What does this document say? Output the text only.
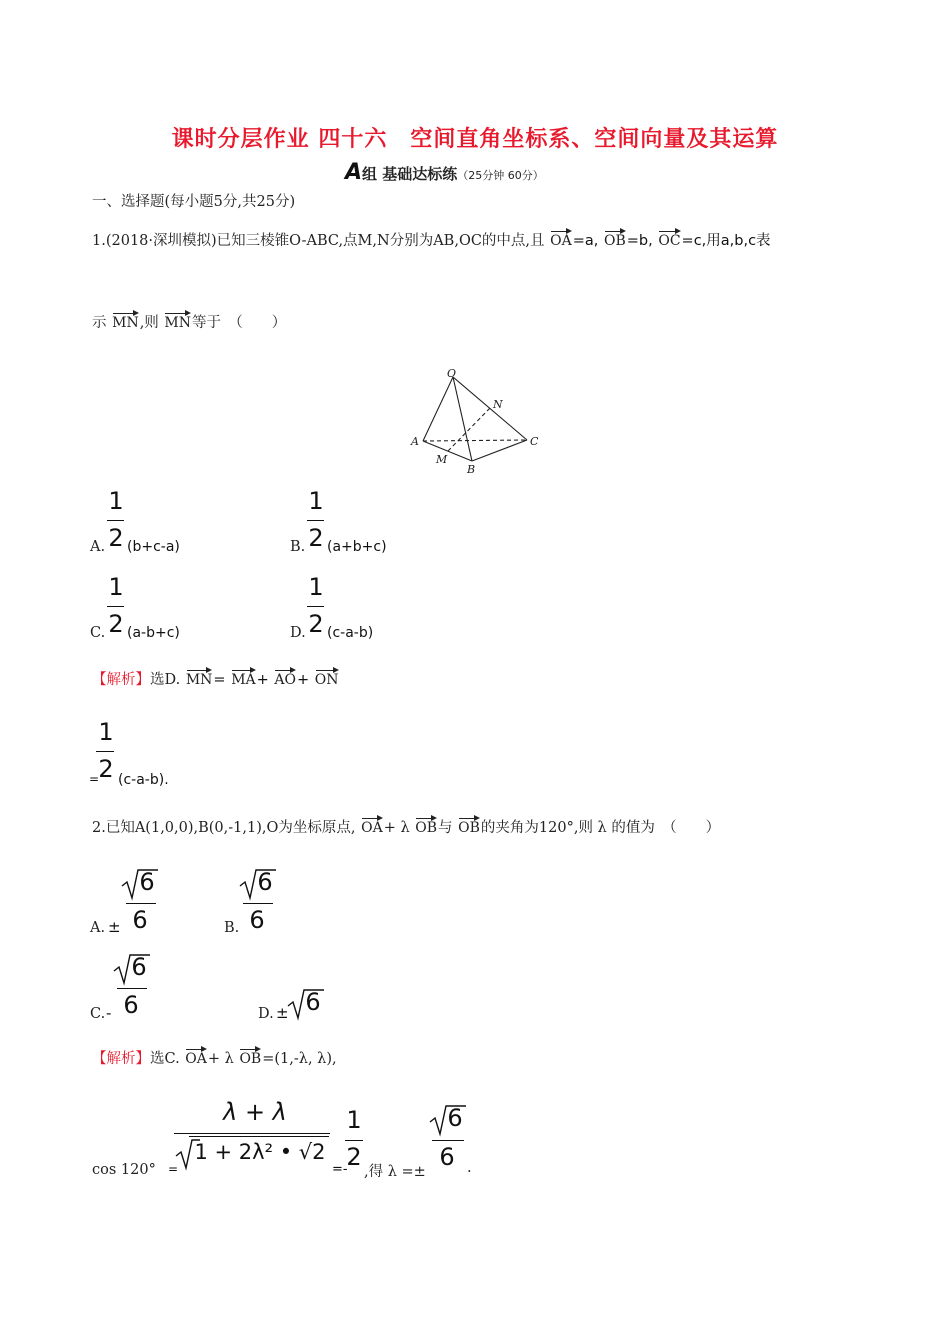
课时分层作业 四十六　空间直角坐标系、空间向量及其运算
A组 基础达标练（25分钟 60分）
一、选择题(每小题5分,共25分)
1.(2018·深圳模拟)已知三棱锥O-ABC,点M,N分别为AB,OC的中点,且 OA=a, OB=b, OC=c,用a,b,c表
示 MN,则 MN等于　（　　）
O
N
A	C
M
B
1
2
A. (b+c-a)
1
2
B. (a+b+c)
1
2
C. (a-b+c)
1
2
D. (c-a-b)
【解析】选D. MN= MA+ AO+ ON
1
2
= (c-a-b).
2.已知A(1,0,0),B(0,-1,1),O为坐标原点, OA+ λ OB与 OB的夹角为120°,则 λ 的值为　（　　）
A. ±
6
6	B.
6
6
C. -
6
6	D. ± 6
【解析】选C. OA+ λ OB=(1,-λ, λ),
cos 120° =
λ + λ
1 + 2λ² • √2
=-
1
2
,得 λ =±
6
6 .
